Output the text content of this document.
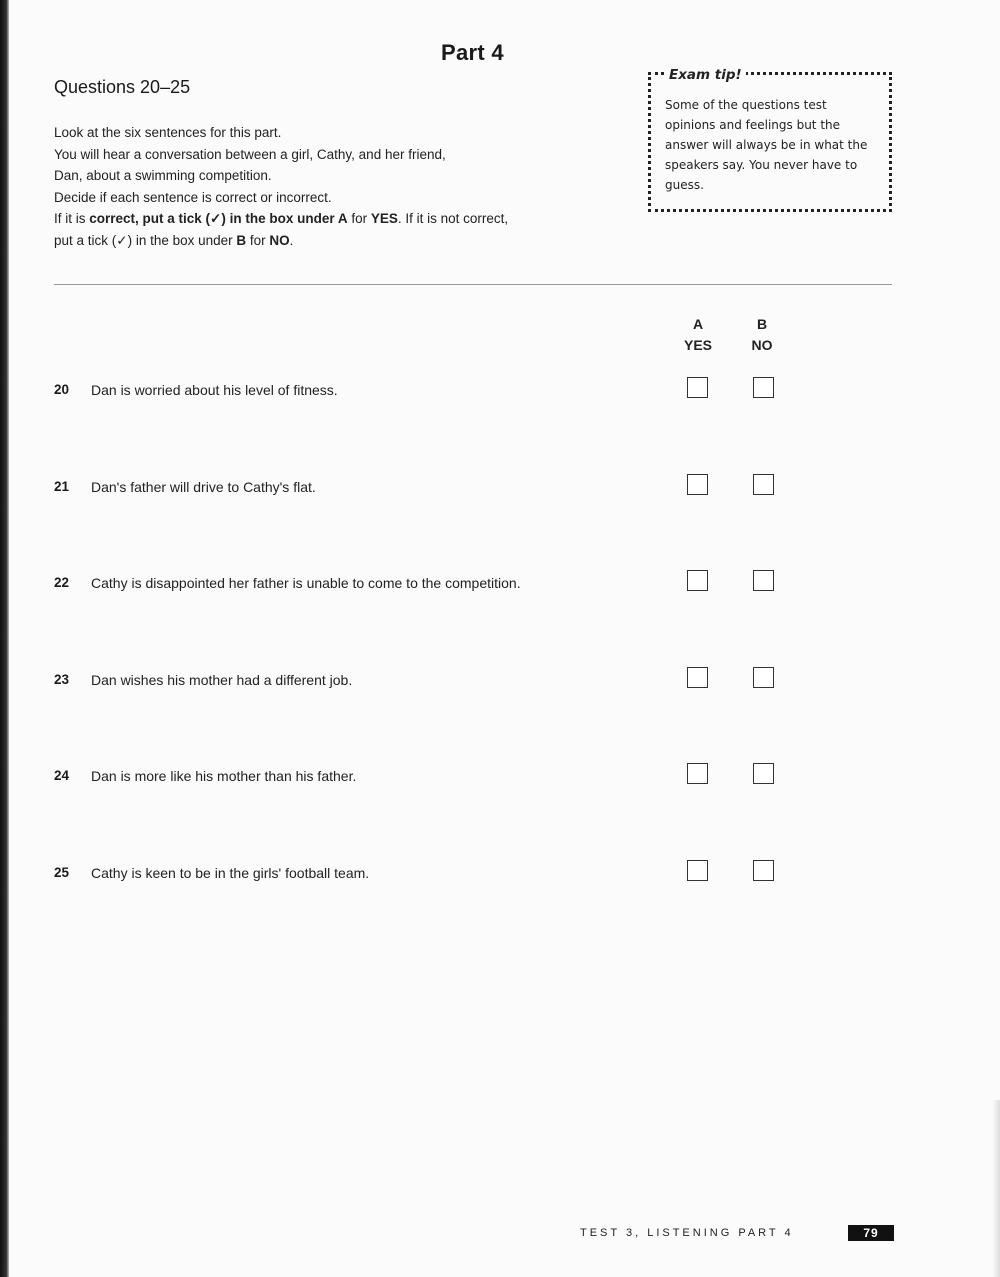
Part 4
Questions 20–25

Look at the six sentences for this part.

You will hear a conversation between a girl, Cathy, and her friend,

Dan, about a swimming competition.

Decide if each sentence is correct or incorrect.

If it is correct, put a tick (✓) in the box under A for YES. If it is not correct,

put a tick (✓) in the box under B for NO.

Exam tip!

Some of the questions test opinions and feelings but the answer will always be in what the speakers say. You never have to guess.

A
YES
B
NO
20 Dan is worried about his level of fitness.
21 Dan's father will drive to Cathy's flat.
22 Cathy is disappointed her father is unable to come to the competition.
23 Dan wishes his mother had a different job.
24 Dan is more like his mother than his father.
25 Cathy is keen to be in the girls' football team.
TEST 3, LISTENING PART 4	79
